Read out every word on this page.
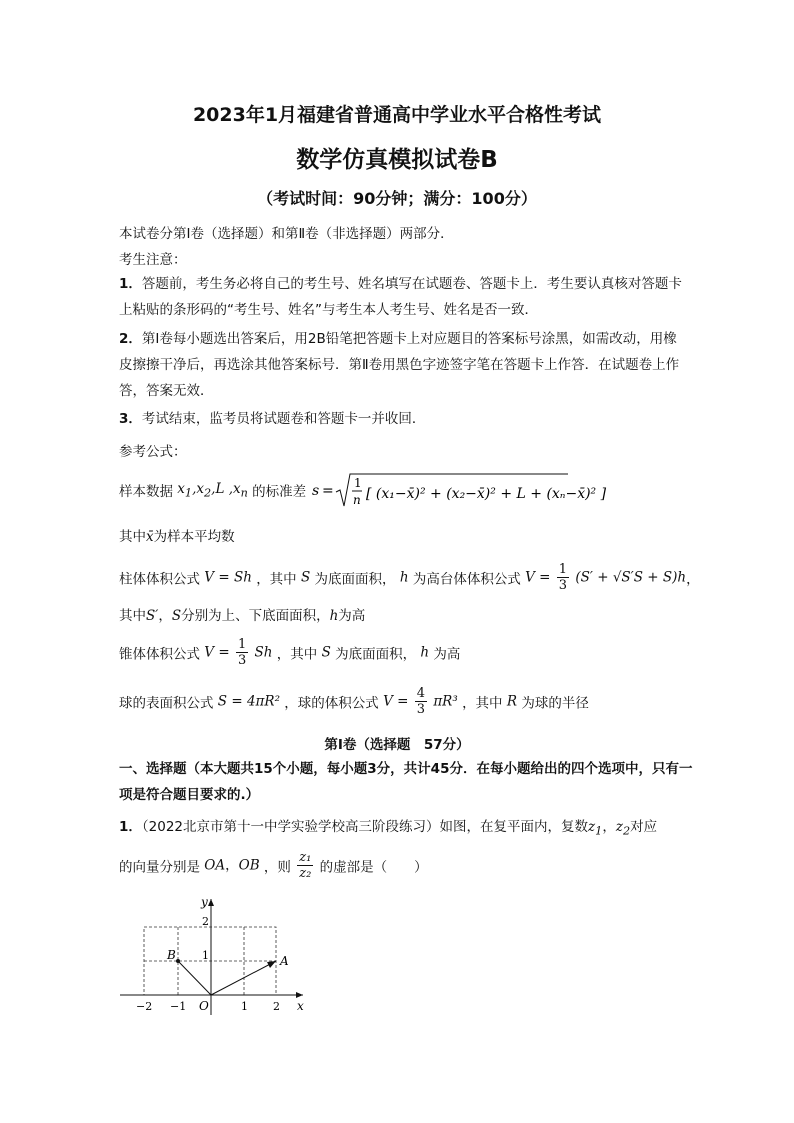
2023年1月福建省普通高中学业水平合格性考试
数学仿真模拟试卷B
（考试时间：90分钟；满分：100分）
本试卷分第Ⅰ卷（选择题）和第Ⅱ卷（非选择题）两部分．
考生注意：
1．答题前，考生务必将自己的考生号、姓名填写在试题卷、答题卡上．考生要认真核对答题卡上粘贴的条形码的“考生号、姓名”与考生本人考生号、姓名是否一致．
2．第Ⅰ卷每小题选出答案后，用2B铅笔把答题卡上对应题目的答案标号涂黑，如需改动，用橡皮擦擦干净后，再选涂其他答案标号．第Ⅱ卷用黑色字迹签字笔在答题卡上作答．在试题卷上作答，答案无效．
3．考试结束，监考员将试题卷和答题卡一并收回．
参考公式：
样本数据 $x_1,x_2,L$ $,x_n$ 的标准差 s = 1
n [ (x₁−x̄)² + (x₂−x̄)² + L + (xₙ−x̄)² ]
其中x̄为样本平均数
柱体体积公式 V = Sh ，其中 S 为底面面积， h 为高台体体积公式 $V = \frac{1}{3} (S' + √S'S + S)h$，
其中S′，S分别为上、下底面面积，h为高
锥体体积公式 $V = \frac{1}{3}$ Sh ，其中 S 为底面面积， h 为高
球的表面积公式 S = 4πR² ，球的体积公式 $V = \frac{4}{3} \pi R^3$ ，其中 R 为球的半径
第Ⅰ卷（选择题　57分）
一、选择题（本大题共15个小题，每小题3分，共计45分．在每小题给出的四个选项中，只有一项是符合题目要求的.）
1．（2022北京市第十一中学实验学校高三阶段练习）如图，在复平面内，复数$z_1$，$z_2$对应
的向量分别是 OA，OB ，则 $\frac{\text{z₁}}{\text{z₂}}$ 的虚部是（　　）
−2 −1	1 2
1
2
x
y
O
B	A
